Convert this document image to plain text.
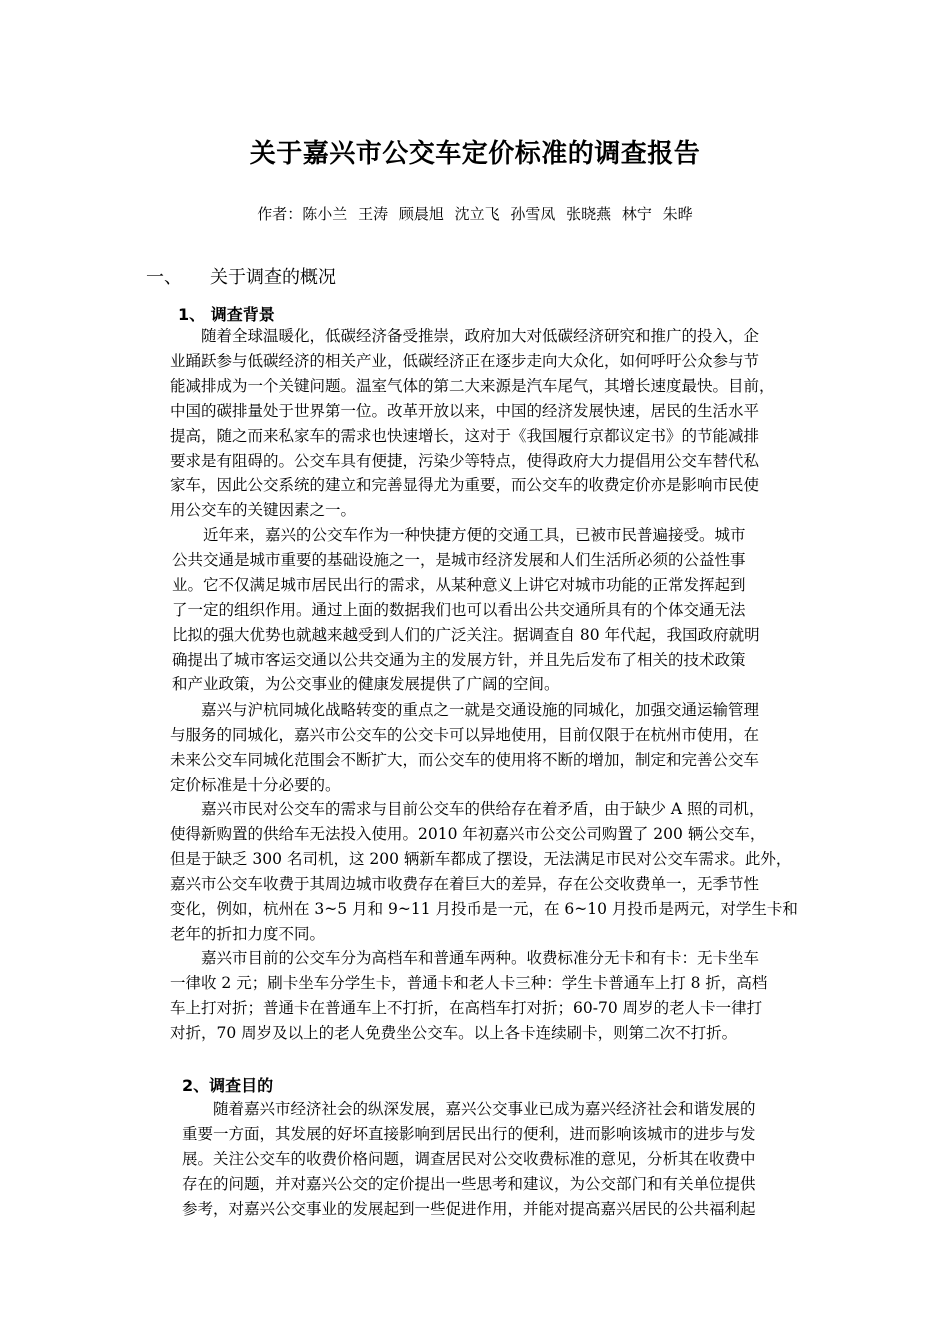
关于嘉兴市公交车定价标准的调查报告
作者：陈小兰 王涛 顾晨旭 沈立飞 孙雪凤 张晓燕 林宁 朱晔
一、 关于调查的概况
1、 调查背景
随着全球温暖化，低碳经济备受推崇，政府加大对低碳经济研究和推广的投入，企
业踊跃参与低碳经济的相关产业，低碳经济正在逐步走向大众化，如何呼吁公众参与节
能减排成为一个关键问题。温室气体的第二大来源是汽车尾气，其增长速度最快。目前，
中国的碳排量处于世界第一位。改革开放以来，中国的经济发展快速，居民的生活水平
提高，随之而来私家车的需求也快速增长，这对于《我国履行京都议定书》的节能减排
要求是有阻碍的。公交车具有便捷，污染少等特点，使得政府大力提倡用公交车替代私
家车，因此公交系统的建立和完善显得尤为重要，而公交车的收费定价亦是影响市民使
用公交车的关键因素之一。
近年来，嘉兴的公交车作为一种快捷方便的交通工具，已被市民普遍接受。城市
公共交通是城市重要的基础设施之一，是城市经济发展和人们生活所必须的公益性事
业。它不仅满足城市居民出行的需求，从某种意义上讲它对城市功能的正常发挥起到
了一定的组织作用。通过上面的数据我们也可以看出公共交通所具有的个体交通无法
比拟的强大优势也就越来越受到人们的广泛关注。据调查自 80 年代起，我国政府就明
确提出了城市客运交通以公共交通为主的发展方针，并且先后发布了相关的技术政策
和产业政策，为公交事业的健康发展提供了广阔的空间。
嘉兴与沪杭同城化战略转变的重点之一就是交通设施的同城化，加强交通运输管理
与服务的同城化，嘉兴市公交车的公交卡可以异地使用，目前仅限于在杭州市使用，在
未来公交车同城化范围会不断扩大，而公交车的使用将不断的增加，制定和完善公交车
定价标准是十分必要的。
嘉兴市民对公交车的需求与目前公交车的供给存在着矛盾，由于缺少 A 照的司机，
使得新购置的供给车无法投入使用。2010 年初嘉兴市公交公司购置了 200 辆公交车，
但是于缺乏 300 名司机，这 200 辆新车都成了摆设，无法满足市民对公交车需求。此外，
嘉兴市公交车收费于其周边城市收费存在着巨大的差异，存在公交收费单一，无季节性
变化，例如，杭州在 3~5 月和 9~11 月投币是一元，在 6~10 月投币是两元，对学生卡和
老年的折扣力度不同。
嘉兴市目前的公交车分为高档车和普通车两种。收费标准分无卡和有卡：无卡坐车
一律收 2 元；刷卡坐车分学生卡，普通卡和老人卡三种：学生卡普通车上打 8 折，高档
车上打对折；普通卡在普通车上不打折，在高档车打对折；60-70 周岁的老人卡一律打
对折，70 周岁及以上的老人免费坐公交车。以上各卡连续刷卡，则第二次不打折。
2、调查目的
随着嘉兴市经济社会的纵深发展，嘉兴公交事业已成为嘉兴经济社会和谐发展的
重要一方面，其发展的好坏直接影响到居民出行的便利，进而影响该城市的进步与发
展。关注公交车的收费价格问题，调查居民对公交收费标准的意见，分析其在收费中
存在的问题，并对嘉兴公交的定价提出一些思考和建议，为公交部门和有关单位提供
参考，对嘉兴公交事业的发展起到一些促进作用，并能对提高嘉兴居民的公共福利起
